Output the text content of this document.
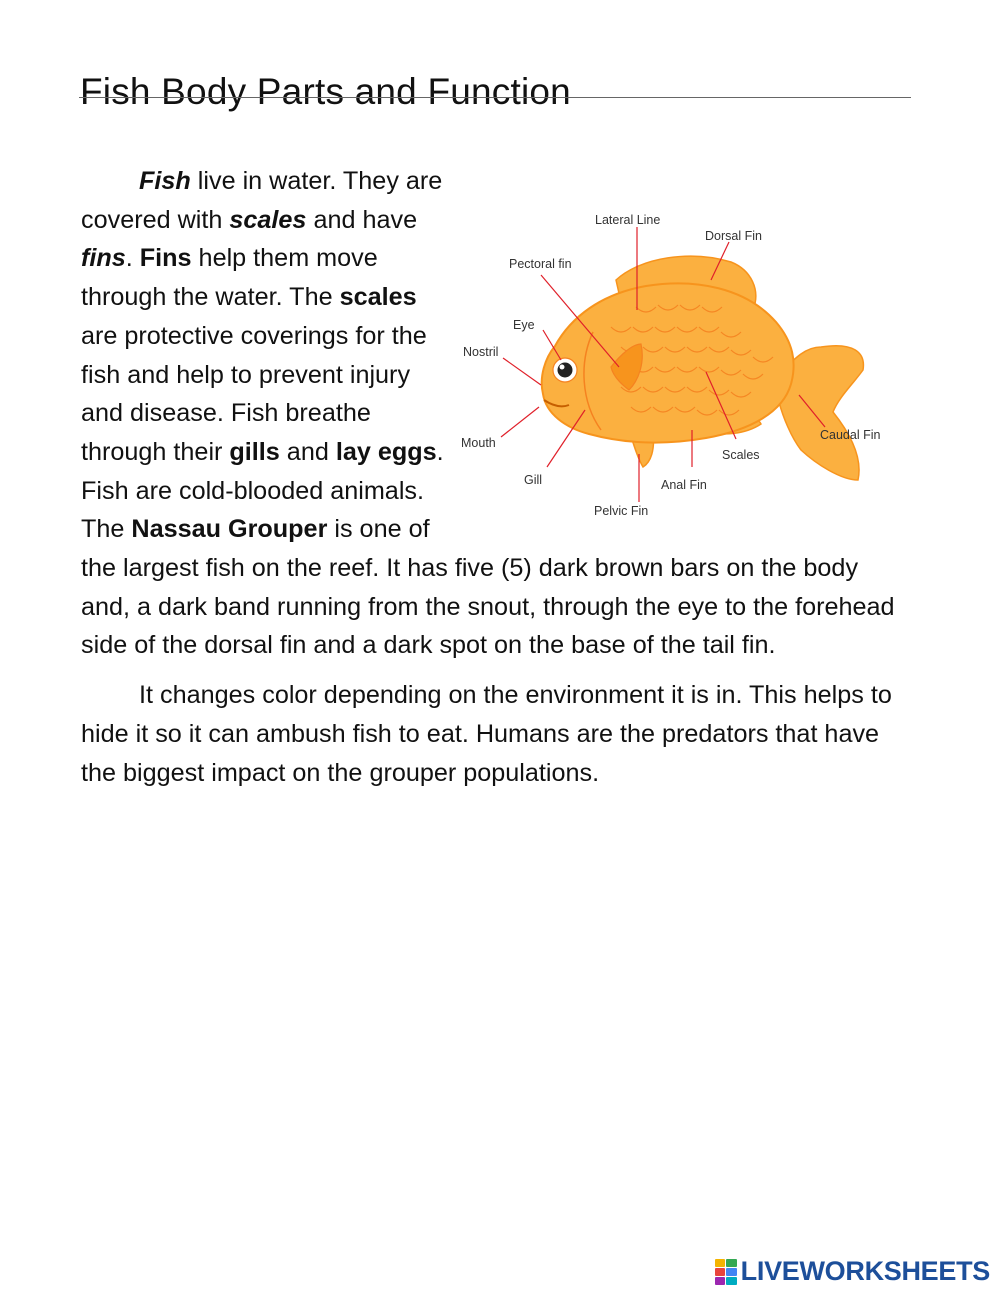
Fish Body Parts and Function
Lateral Line
Dorsal Fin
Pectoral fin
Eye
Nostril
Mouth
Gill
Pelvic Fin
Anal Fin
Scales
Caudal Fin

Fish live in water. They are covered with scales and have fins. Fins help them move through the water. The scales are protective coverings for the fish and help to prevent injury and disease. Fish breathe through their gills and lay eggs. Fish are cold-blooded animals. The Nassau Grouper is one of the largest fish on the reef. It has five (5) dark brown bars on the body and, a dark band running from the snout, through the eye to the forehead side of the dorsal fin and a dark spot on the base of the tail fin.

It changes color depending on the environment it is in. This helps to hide it so it can ambush fish to eat. Humans are the predators that have the biggest impact on the grouper populations.

LIVEWORKSHEETS
